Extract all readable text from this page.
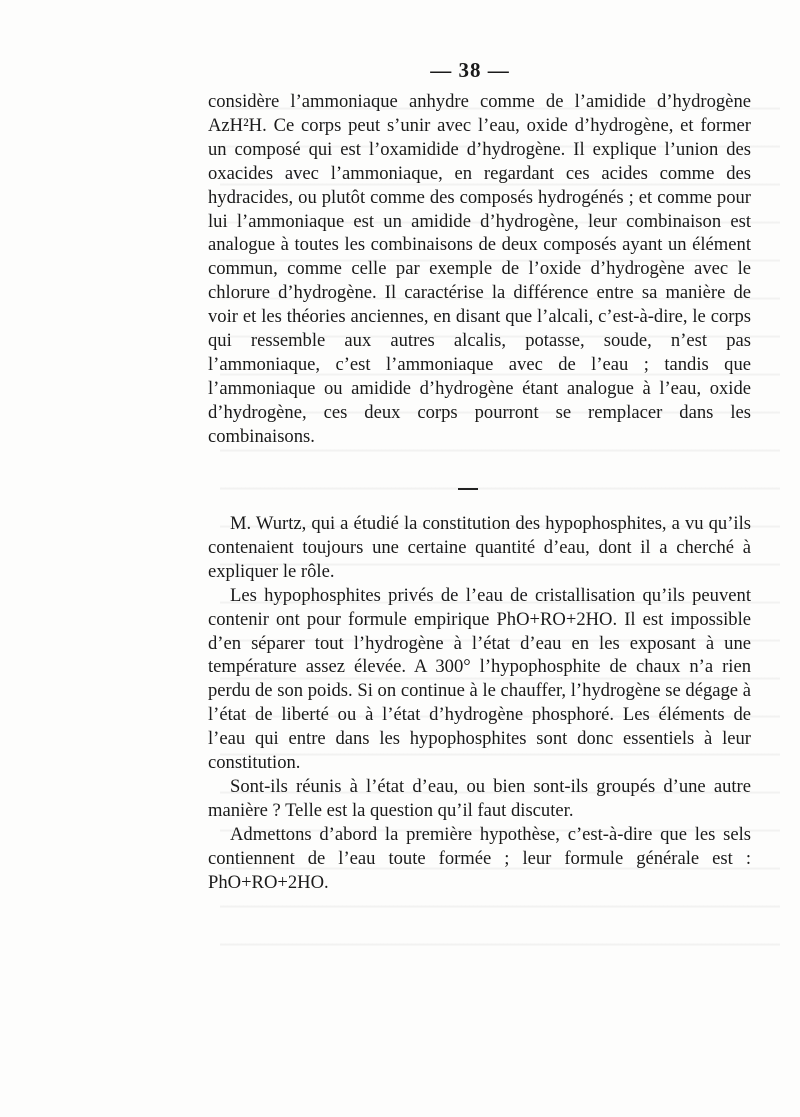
— 38 —

considère l’ammoniaque anhydre comme de l’amidide d’hydrogène AzH²H. Ce corps peut s’unir avec l’eau, oxide d’hydrogène, et former un composé qui est l’oxamidide d’hydrogène. Il explique l’union des oxacides avec l’ammoniaque, en regardant ces acides comme des hydracides, ou plutôt comme des composés hydrogénés ; et comme pour lui l’ammoniaque est un amidide d’hydrogène, leur combinaison est analogue à toutes les combinaisons de deux composés ayant un élément commun, comme celle par exemple de l’oxide d’hydrogène avec le chlorure d’hydrogène. Il caractérise la différence entre sa manière de voir et les théories anciennes, en disant que l’alcali, c’est-à-dire, le corps qui ressemble aux autres alcalis, potasse, soude, n’est pas l’ammoniaque, c’est l’ammoniaque avec de l’eau ; tandis que l’ammoniaque ou amidide d’hydrogène étant analogue à l’eau, oxide d’hydrogène, ces deux corps pourront se remplacer dans les combinaisons.

M. Wurtz, qui a étudié la constitution des hypophosphites, a vu qu’ils contenaient toujours une certaine quantité d’eau, dont il a cherché à expliquer le rôle.

Les hypophosphites privés de l’eau de cristallisation qu’ils peuvent contenir ont pour formule empirique PhO+RO+2HO. Il est impossible d’en séparer tout l’hydrogène à l’état d’eau en les exposant à une température assez élevée. A 300° l’hypophosphite de chaux n’a rien perdu de son poids. Si on continue à le chauffer, l’hydrogène se dégage à l’état de liberté ou à l’état d’hydrogène phosphoré. Les éléments de l’eau qui entre dans les hypophosphites sont donc essentiels à leur constitution.

Sont-ils réunis à l’état d’eau, ou bien sont-ils groupés d’une autre manière ? Telle est la question qu’il faut discuter.

Admettons d’abord la première hypothèse, c’est-à-dire que les sels contiennent de l’eau toute formée ; leur formule générale est : PhO+RO+2HO.
